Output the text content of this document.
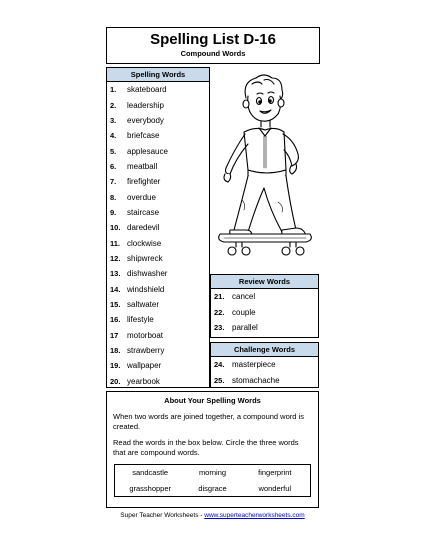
Spelling List D-16
Compound Words
Spelling Words
1.	skateboard
2.	leadership
3.	everybody
4.	briefcase
5.	applesauce
6.	meatball
7.	firefighter
8.	overdue
9.	staircase
10. daredevil
11. clockwise
12. shipwreck
13. dishwasher
14. windshield
15. saltwater
16. lifestyle
17	motorboat
18. strawberry
19. wallpaper
20. yearbook
Review Words
21. cancel
22. couple
23. parallel
Challenge Words
24. masterpiece
25. stomachache
About Your Spelling Words
When two words are joined together, a compound word is created.
Read the words in the box below. Circle the three words that are compound words.
sandcastle	morning	fingerprint
grasshopper	disgrace	wonderful
Super Teacher Worksheets - www.superteacherworksheets.com
